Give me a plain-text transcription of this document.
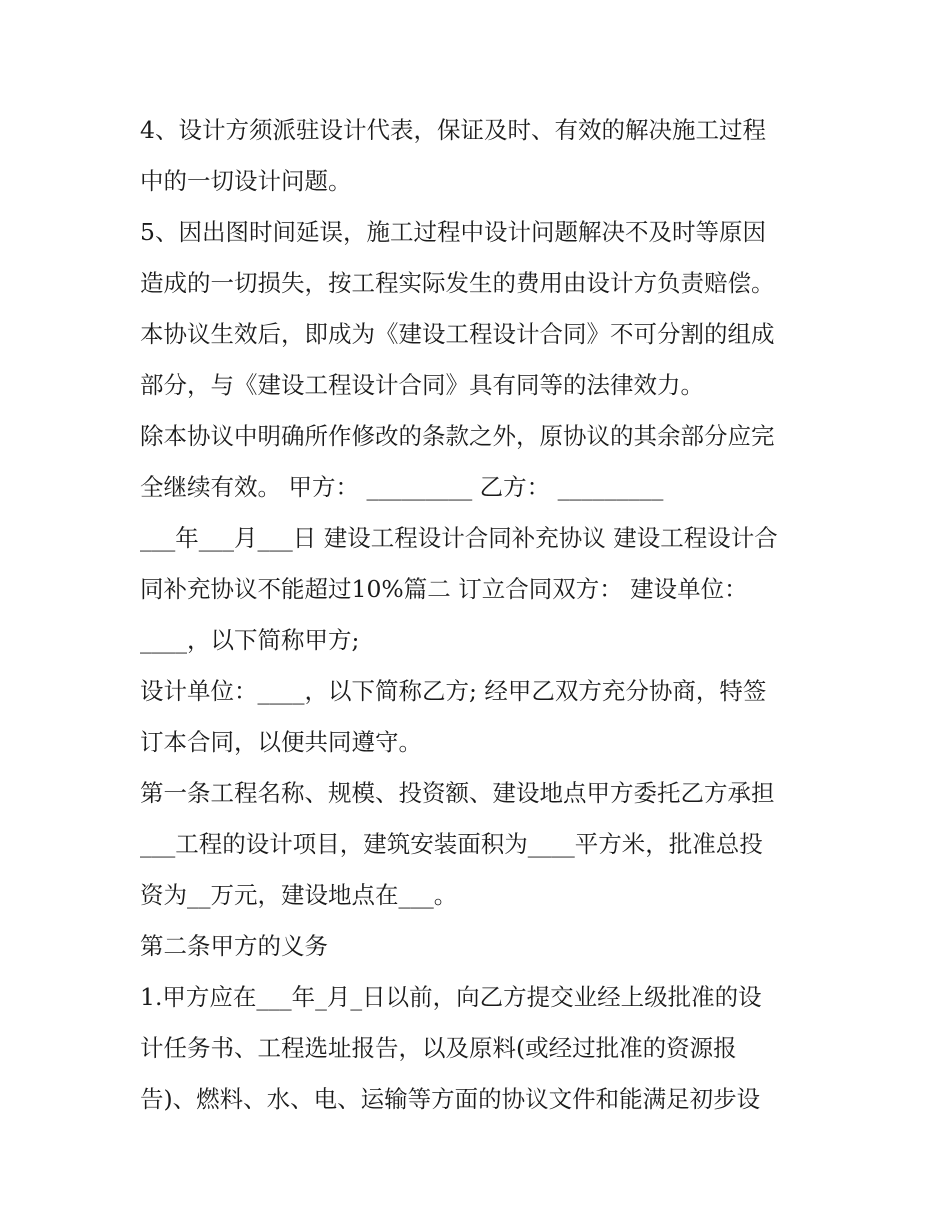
4、设计方须派驻设计代表，保证及时、有效的解决施工过程
中的一切设计问题。
5、因出图时间延误，施工过程中设计问题解决不及时等原因
造成的一切损失，按工程实际发生的费用由设计方负责赔偿。
本协议生效后，即成为《建设工程设计合同》不可分割的组成
部分，与《建设工程设计合同》具有同等的法律效力。
除本协议中明确所作修改的条款之外，原协议的其余部分应完
全继续有效。 甲方： _________ 乙方： _________
___年___月___日 建设工程设计合同补充协议 建设工程设计合
同补充协议不能超过10%篇二 订立合同双方： 建设单位：
____，以下简称甲方;
设计单位：____，以下简称乙方; 经甲乙双方充分协商，特签
订本合同，以便共同遵守。
第一条工程名称、规模、投资额、建设地点甲方委托乙方承担
___工程的设计项目，建筑安装面积为____平方米，批准总投
资为__万元，建设地点在___。
第二条甲方的义务
1.甲方应在___年_月_日以前，向乙方提交业经上级批准的设
计任务书、工程选址报告，以及原料(或经过批准的资源报
告)、燃料、水、电、运输等方面的协议文件和能满足初步设
